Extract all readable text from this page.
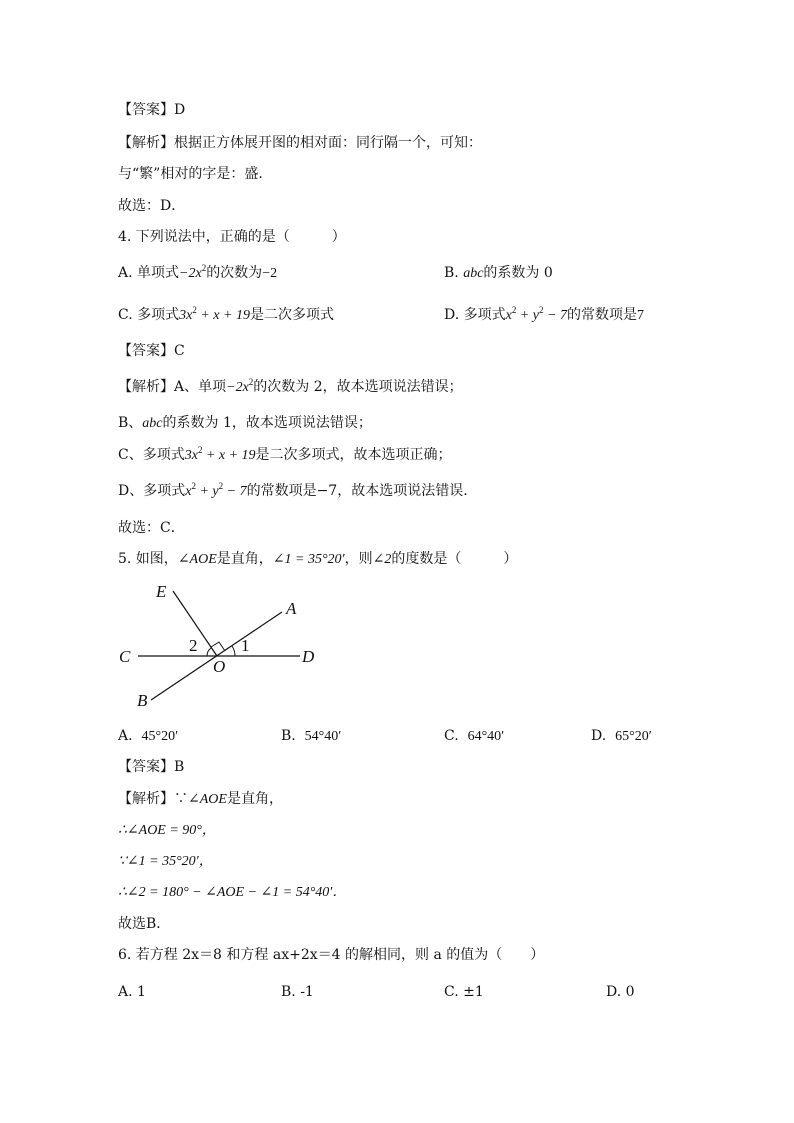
【答案】D
【解析】根据正方体展开图的相对面：同行隔一个，可知：
与“繁”相对的字是：盛.
故选：D．
4. 下列说法中，正确的是（　　　）
A. 单项式$-2x^2$的次数为−2	B. abc的系数为 0
C. 多项式$3x^2 + x + 19$是二次多项式	D. 多项式$x^2 + y^2 - 7$的常数项是7
【答案】C
【解析】A、单项$-2x^2$的次数为 2，故本选项说法错误；
B、abc的系数为 1，故本选项说法错误；
C、多项式$3x^2 + x + 19$是二次多项式，故本选项正确；
D、多项式$x^2 + y^2 - 7$的常数项是−7，故本选项说法错误.
故选：C．
5. 如图，∠AOE是直角，∠1 = 35°20′，则∠2的度数是（　　　）
E
A
C	D
B
O
1
2
A. 45°20′	B. 54°40′	C. 64°40′	D. 65°20′
【答案】B
【解析】∵∠AOE是直角，
∴∠AOE = 90°，
∵∠1 = 35°20′，
∴∠2 = 180° − ∠AOE − ∠1 = 54°40′．
故选B．
6. 若方程 2x＝8 和方程 ax+2x＝4 的解相同，则 a 的值为（　　）
A. 1	B. -1	C. ±1	D. 0
